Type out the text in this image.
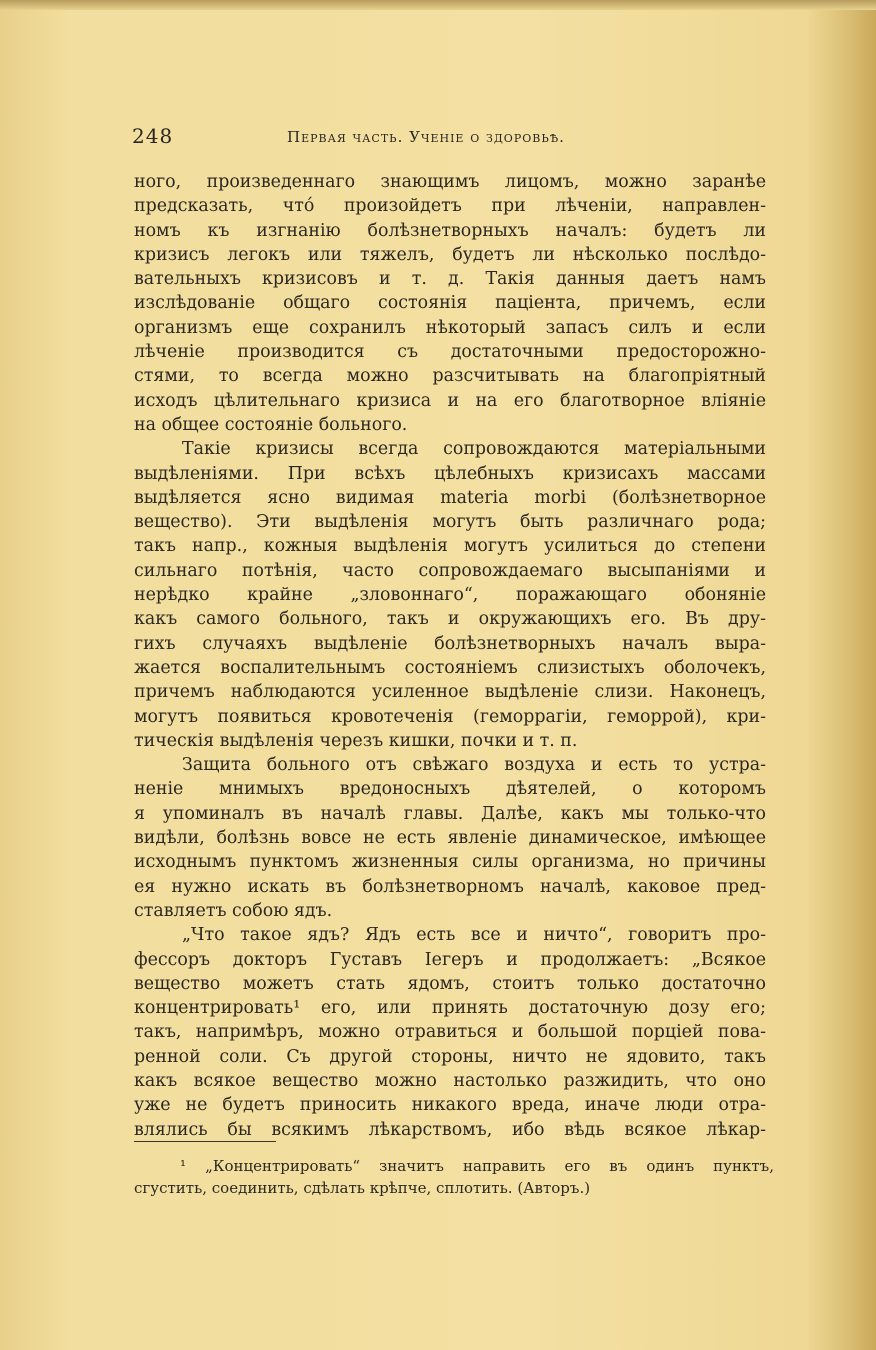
248	Первая часть. Ученіе о здоровьѣ.
ного, произведеннаго знающимъ лицомъ, можно заранѣе
предсказать, что́ произойдетъ при лѣченіи, направлен-
номъ къ изгнанію болѣзнетворныхъ началъ: будетъ ли
кризисъ легокъ или тяжелъ, будетъ ли нѣсколько послѣдо-
вательныхъ кризисовъ и т. д. Такія данныя даетъ намъ
изслѣдованіе общаго состоянія паціента, причемъ, если
организмъ еще сохранилъ нѣкоторый запасъ силъ и если
лѣченіе производится съ достаточными предосторожно-
стями, то всегда можно разсчитывать на благопріятный
исходъ цѣлительнаго кризиса и на его благотворное вліяніе
на общее состояніе больного.
Такіе кризисы всегда сопровождаются матеріальными
выдѣленіями. При всѣхъ цѣлебныхъ кризисахъ массами
выдѣляется ясно видимая materia morbi (болѣзнетворное
вещество). Эти выдѣленія могутъ быть различнаго рода;
такъ напр., кожныя выдѣленія могутъ усилиться до степени
сильнаго потѣнія, часто сопровождаемаго высыпаніями и
нерѣдко крайне „зловоннаго“, поражающаго обоняніе
какъ самого больного, такъ и окружающихъ его. Въ дру-
гихъ случаяхъ выдѣленіе болѣзнетворныхъ началъ выра-
жается воспалительнымъ состояніемъ слизистыхъ оболочекъ,
причемъ наблюдаются усиленное выдѣленіе слизи. Наконецъ,
могутъ появиться кровотеченія (геморрагіи, геморрой), кри-
тическія выдѣленія черезъ кишки, почки и т. п.
Защита больного отъ свѣжаго воздуха и есть то устра-
неніе мнимыхъ вредоносныхъ дѣятелей, о которомъ
я упоминалъ въ началѣ главы. Далѣе, какъ мы только-что
видѣли, болѣзнь вовсе не есть явленіе динамическое, имѣющее
исходнымъ пунктомъ жизненныя силы организма, но причины
ея нужно искать въ болѣзнетворномъ началѣ, каковое пред-
ставляетъ собою ядъ.
„Что такое ядъ? Ядъ есть все и ничто“, говоритъ про-
фессоръ докторъ Густавъ Iегеръ и продолжаетъ: „Всякое
вещество можетъ стать ядомъ, стоитъ только достаточно
концентрировать¹ его, или принять достаточную дозу его;
такъ, напримѣръ, можно отравиться и большой порціей пова-
ренной соли. Съ другой стороны, ничто не ядовито, такъ
какъ всякое вещество можно настолько разжидить, что оно
уже не будетъ приносить никакого вреда, иначе люди отра-
влялись бы всякимъ лѣкарствомъ, ибо вѣдь всякое лѣкар-
¹ „Концентрировать“ значитъ направить его въ одинъ пунктъ,
сгустить, соединить, сдѣлать крѣпче, сплотить. (Авторъ.)
